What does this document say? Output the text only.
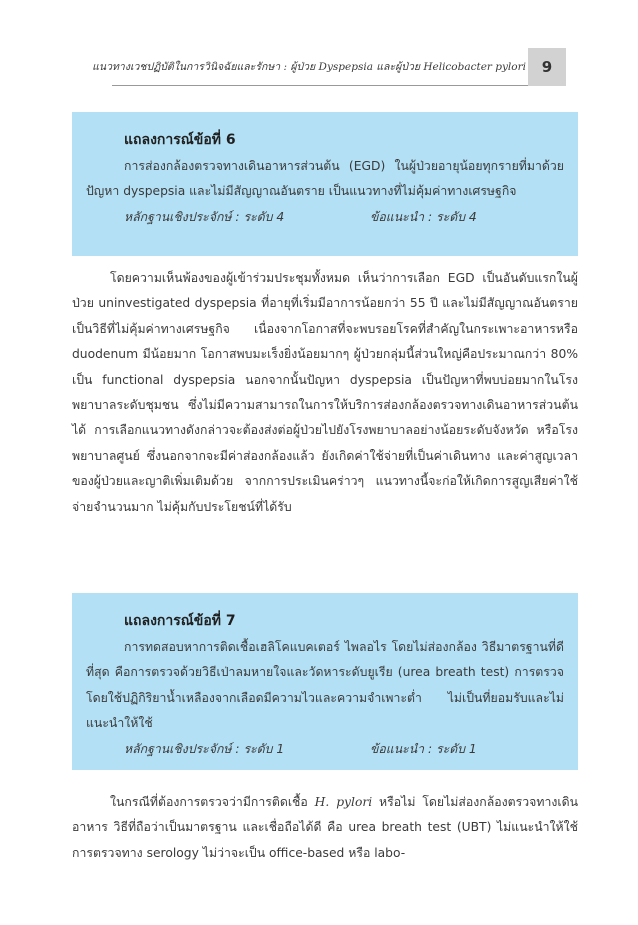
แนวทางเวชปฏิบัติในการวินิจฉัยและรักษา : ผู้ป่วย Dyspepsia และผู้ป่วย Helicobacter pylori	9
แถลงการณ์ข้อที่ 6
การส่องกล้องตรวจทางเดินอาหารส่วนต้น (EGD) ในผู้ป่วยอายุน้อยทุกรายที่มาด้วยปัญหา dyspepsia และไม่มีสัญญาณอันตราย เป็นแนวทางที่ไม่คุ้มค่าทางเศรษฐกิจ
หลักฐานเชิงประจักษ์ : ระดับ 4	ข้อแนะนำ : ระดับ 4
โดยความเห็นพ้องของผู้เข้าร่วมประชุมทั้งหมด เห็นว่าการเลือก EGD เป็นอันดับแรกในผู้ป่วย uninvestigated dyspepsia ที่อายุที่เริ่มมีอาการน้อยกว่า 55 ปี และไม่มีสัญญาณอันตราย เป็นวิธีที่ไม่คุ้มค่าทางเศรษฐกิจ เนื่องจากโอกาสที่จะพบรอยโรคที่สำคัญในกระเพาะอาหารหรือ duodenum มีน้อยมาก โอกาสพบมะเร็งยิ่งน้อยมากๆ ผู้ป่วยกลุ่มนี้ส่วนใหญ่คือประมาณกว่า 80% เป็น functional dyspepsia นอกจากนั้นปัญหา dyspepsia เป็นปัญหาที่พบบ่อยมากในโรงพยาบาลระดับชุมชน ซึ่งไม่มีความสามารถในการให้บริการส่องกล้องตรวจทางเดินอาหารส่วนต้นได้ การเลือกแนวทางดังกล่าวจะต้องส่งต่อผู้ป่วยไปยังโรงพยาบาลอย่างน้อยระดับจังหวัด หรือโรงพยาบาลศูนย์ ซึ่งนอกจากจะมีค่าส่องกล้องแล้ว ยังเกิดค่าใช้จ่ายที่เป็นค่าเดินทาง และค่าสูญเวลาของผู้ป่วยและญาติเพิ่มเติมด้วย จากการประเมินคร่าวๆ แนวทางนี้จะก่อให้เกิดการสูญเสียค่าใช้จ่ายจำนวนมาก ไม่คุ้มกับประโยชน์ที่ได้รับ
แถลงการณ์ข้อที่ 7
การทดสอบหาการติดเชื้อเฮลิโคแบคเตอร์ ไพลอไร โดยไม่ส่องกล้อง วิธีมาตรฐานที่ดีที่สุด คือการตรวจด้วยวิธีเป่าลมหายใจและวัดหาระดับยูเรีย (urea breath test) การตรวจโดยใช้ปฏิกิริยาน้ำเหลืองจากเลือดมีความไวและความจำเพาะต่ำ ไม่เป็นที่ยอมรับและไม่แนะนำให้ใช้
หลักฐานเชิงประจักษ์ : ระดับ 1	ข้อแนะนำ : ระดับ 1
ในกรณีที่ต้องการตรวจว่ามีการติดเชื้อ H. pylori หรือไม่ โดยไม่ส่องกล้องตรวจทางเดินอาหาร วิธีที่ถือว่าเป็นมาตรฐาน และเชื่อถือได้ดี คือ urea breath test (UBT) ไม่แนะนำให้ใช้การตรวจทาง serology ไม่ว่าจะเป็น office-based หรือ labo-
